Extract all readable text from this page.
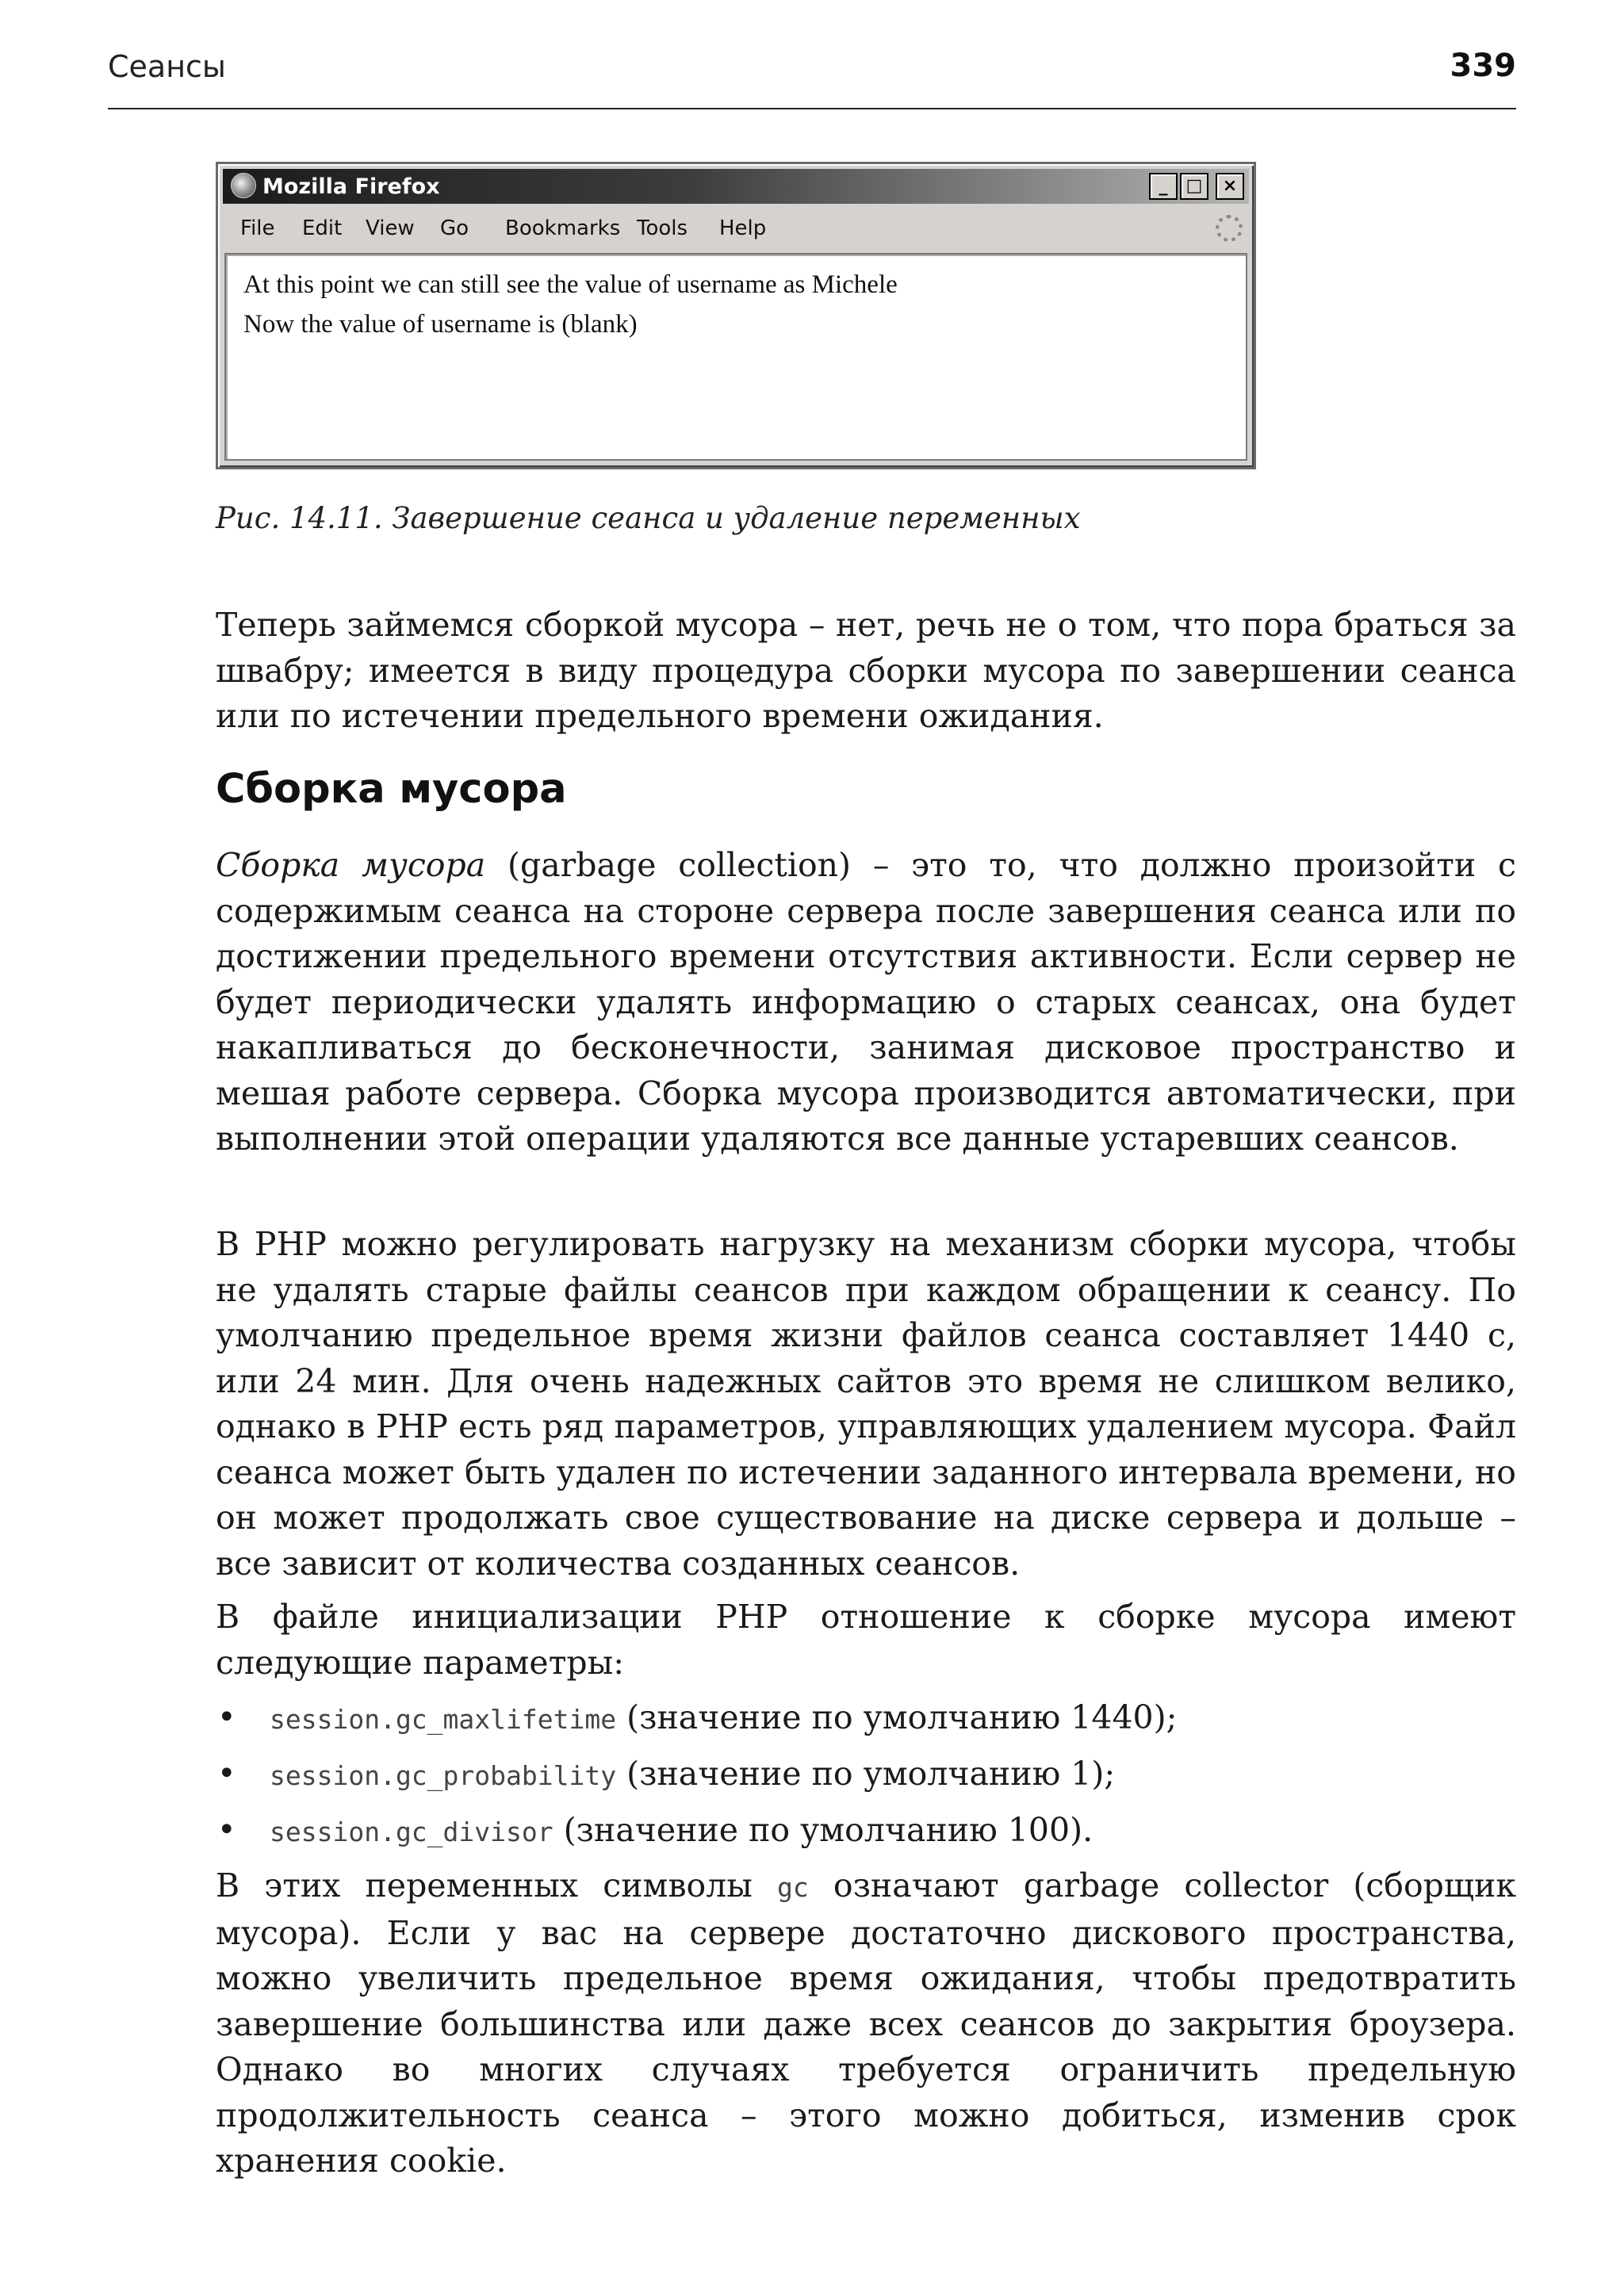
Сеансы	339
Mozilla Firefox	_	□	×
File Edit View Go Bookmarks Tools Help
At this point we can still see the value of username as Michele
Now the value of username is (blank)
Рис. 14.11. Завершение сеанса и удаление переменных

Теперь займемся сборкой мусора – нет, речь не о том, что пора браться за швабру; имеется в виду процедура сборки мусора по завершении сеанса или по истечении предельного времени ожидания.

Сборка мусора

Сборка мусора (garbage collection) – это то, что должно произойти с содержимым сеанса на стороне сервера после завершения сеанса или по достижении предельного времени отсутствия активности. Если сервер не будет периодически удалять информацию о старых сеансах, она будет накапливаться до бесконечности, занимая дисковое пространство и мешая работе сервера. Сборка мусора производится автоматически, при выполнении этой операции удаляются все данные устаревших сеансов.

В PHP можно регулировать нагрузку на механизм сборки мусора, чтобы не удалять старые файлы сеансов при каждом обращении к сеансу. По умолчанию предельное время жизни файлов сеанса составляет 1440 с, или 24 мин. Для очень надежных сайтов это время не слишком велико, однако в PHP есть ряд параметров, управляющих удалением мусора. Файл сеанса может быть удален по истечении заданного интервала времени, но он может продолжать свое существование на диске сервера и дольше – все зависит от количества созданных сеансов.

В файле инициализации PHP отношение к сборке мусора имеют следующие параметры:

• session.gc_maxlifetime (значение по умолчанию 1440);
• session.gc_probability (значение по умолчанию 1);
• session.gc_divisor (значение по умолчанию 100).

В этих переменных символы gc означают garbage collector (сборщик мусора). Если у вас на сервере достаточно дискового пространства, можно увеличить предельное время ожидания, чтобы предотвратить завершение большинства или даже всех сеансов до закрытия броузера. Однако во многих случаях требуется ограничить предельную продолжительность сеанса – этого можно добиться, изменив срок хранения cookie.
